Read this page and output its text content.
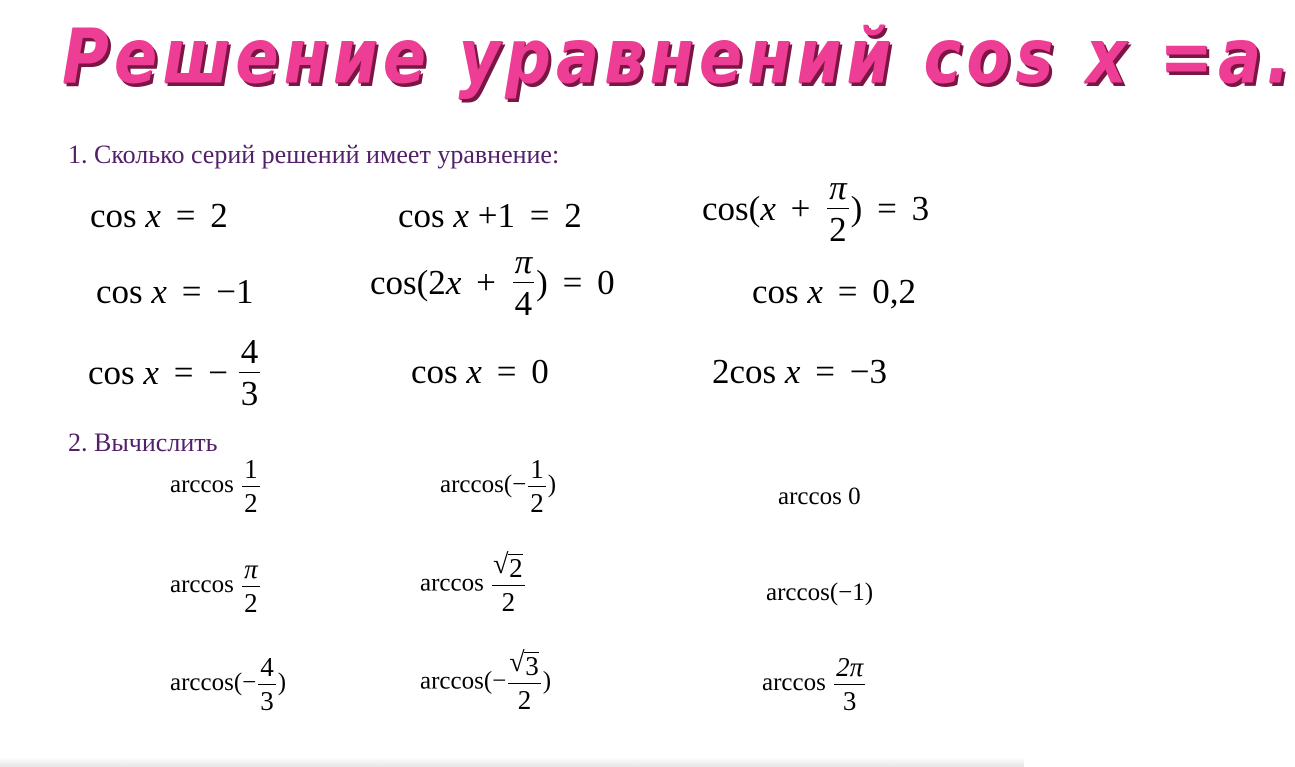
Решение уравнений cos x =a.
1. Сколько серий решений имеет уравнение:
cos x = 2	cos x +1 = 2	$\cos(x + \frac{\pi}{2}$ ) = 3
cos x = −1	$\cos(2x + \frac{\pi}{4}$ ) = 0	cos x = 0,2
cos x = − $\frac{4}{3}$	cos x = 0	2cos x = −3
2. Вычислить
$\arccos \frac{1}{2}$	$\arccos(- \frac{1}{2}$ )	arccos 0
$\arccos \frac{\pi}{2}$	arccos √ $\frac{2}{2}$	arccos(−1)
$\arccos(- \frac{4}{3}$ )	arccos(− √ $\frac{3}{2}$ )	$\arccos \frac{2\pi}{3}$
